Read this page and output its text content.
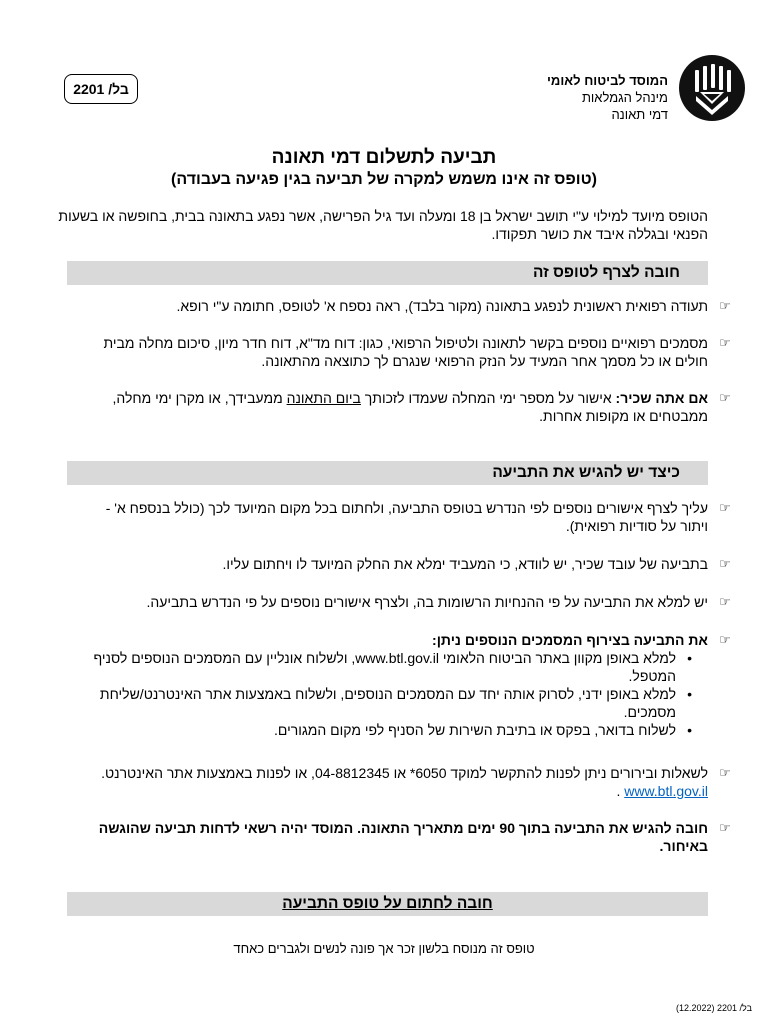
המוסד לביטוח לאומי
מינהל הגמלאות
דמי תאונה
בל/ 2201
תביעה לתשלום דמי תאונה
(טופס זה אינו משמש למקרה של תביעה בגין פגיעה בעבודה)
הטופס מיועד למילוי ע"י תושב ישראל בן 18 ומעלה ועד גיל הפרישה, אשר נפגע בתאונה בבית, בחופשה או בשעות הפנאי ובגללה איבד את כושר תפקודו.
חובה לצרף לטופס זה
☞
תעודה רפואית ראשונית לנפגע בתאונה (מקור בלבד), ראה נספח א' לטופס, חתומה ע"י רופא.
☞
מסמכים רפואיים נוספים בקשר לתאונה ולטיפול הרפואי, כגון: דוח מד"א, דוח חדר מיון, סיכום מחלה מבית חולים או כל מסמך אחר המעיד על הנזק הרפואי שנגרם לך כתוצאה מהתאונה.
☞
אם אתה שכיר: אישור על מספר ימי המחלה שעמדו לזכותך ביום התאונה ממעבידך, או מקרן ימי מחלה, ממבטחים או מקופות אחרות.
כיצד יש להגיש את התביעה
☞
עליך לצרף אישורים נוספים לפי הנדרש בטופס התביעה, ולחתום בכל מקום המיועד לכך (כולל בנספח א' - ויתור על סודיות רפואית).
☞
בתביעה של עובד שכיר, יש לוודא, כי המעביד ימלא את החלק המיועד לו ויחתום עליו.
☞
יש למלא את התביעה על פי ההנחיות הרשומות בה, ולצרף אישורים נוספים על פי הנדרש בתביעה.
☞
את התביעה בצירוף המסמכים הנוספים ניתן:
• למלא באופן מקוון באתר הביטוח הלאומי www.btl.gov.il, ולשלוח אונליין עם המסמכים הנוספים לסניף המטפל.
• למלא באופן ידני, לסרוק אותה יחד עם המסמכים הנוספים, ולשלוח באמצעות אתר האינטרנט/שליחת מסמכים.
• לשלוח בדואר, בפקס או בתיבת השירות של הסניף לפי מקום המגורים.
☞
לשאלות ובירורים ניתן לפנות להתקשר למוקד 6050* או 04-8812345, או לפנות באמצעות אתר האינטרנט. www.btl.gov.il .
☞
חובה להגיש את התביעה בתוך 90 ימים מתאריך התאונה. המוסד יהיה רשאי לדחות תביעה שהוגשה באיחור.
חובה לחתום על טופס התביעה
טופס זה מנוסח בלשון זכר אך פונה לנשים ולגברים כאחד
בל/ 2201 (12.2022)
